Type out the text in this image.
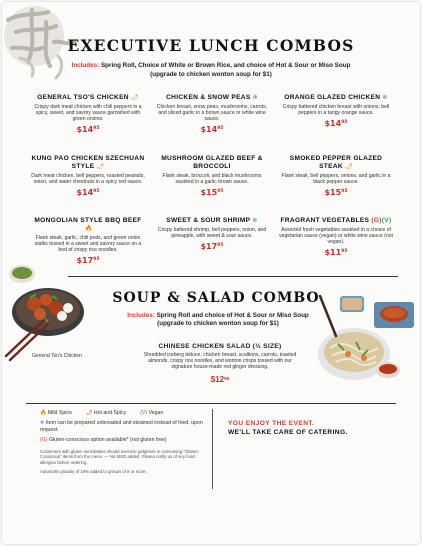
EXECUTIVE LUNCH COMBOS
Includes: Spring Roll, Choice of White or Brown Rice, and choice of Hot & Sour or Miso Soup (upgrade to chicken wonton soup for $1)
GENERAL TSO'S CHICKEN 🌶
Crispy dark meat chicken with chili peppers in a spicy, sweet, and savory sauce garnished with green onions.
$\$14^{95}$
CHICKEN & SNOW PEAS ❄
Chicken breast, snow peas, mushrooms, carrots, and sliced garlic in a brown sauce or white wine sauce.
$\$14^{95}$
ORANGE GLAZED CHICKEN ❄
Crispy battered chicken breast with onions, bell peppers in a tangy orange sauce.
$\$14^{95}$
KUNG PAO CHICKEN SZECHUAN STYLE 🌶
Dark meat chicken, bell peppers, roasted peanuts, onion, and water chestnuts in a spicy red sauce.
$\$14^{95}$
MUSHROOM GLAZED BEEF & BROCCOLI
Flank steak, broccoli, and black mushrooms sautéed in a garlic brown sauce.
$\$15^{95}$
SMOKED PEPPER GLAZED STEAK 🌶
Flank steak, bell peppers, onions, and garlic in a black pepper sauce.
$\$15^{95}$
MONGOLIAN STYLE BBQ BEEF🔥
Flank steak, garlic, chili pods, and green onion stalks tossed in a sweet and savory sauce on a bed of crispy rice noodles.
$\$17^{95}$
SWEET & SOUR SHRIMP ❄
Crispy battered shrimp, bell peppers, onion, and pineapple, with sweet & sour sauce.
$\$17^{95}$
FRAGRANT VEGETABLES (G)(V)
Assorted fresh vegetables sautéed in a choice of vegetarian sauce (vegan) or white wine sauce (not vegan).
$\$11^{95}$
General Tso's Chicken
SOUP & SALAD COMBO
Includes: Spring Roll and choice of Hot & Sour or Miso Soup (upgrade to chicken wonton soup for $1)
CHINESE CHICKEN SALAD (½ SIZE)
Shredded iceberg lettuce, chicken breast, scallions, carrots, toasted almonds, crispy rice noodles, and wonton crisps tossed with our signature house-made red ginger dressing.
$\$12^{95}$
🔥 Mild Spice	🌶 Hot and Spicy	(V) Vegan
❄ Item can be prepared unbreaded and steamed instead of fried, upon request.
(G) Gluten-conscious option available* (not gluten free)
Customers with gluten sensitivities should exercise judgment in consuming "Gluten-Conscious" items from the menu. — No MSG added. Please notify us of any food allergies before ordering.
Automatic gratuity of 18% added to groups of 8 or more.
YOU ENJOY THE EVENT.
WE'LL TAKE CARE OF CATERING.
